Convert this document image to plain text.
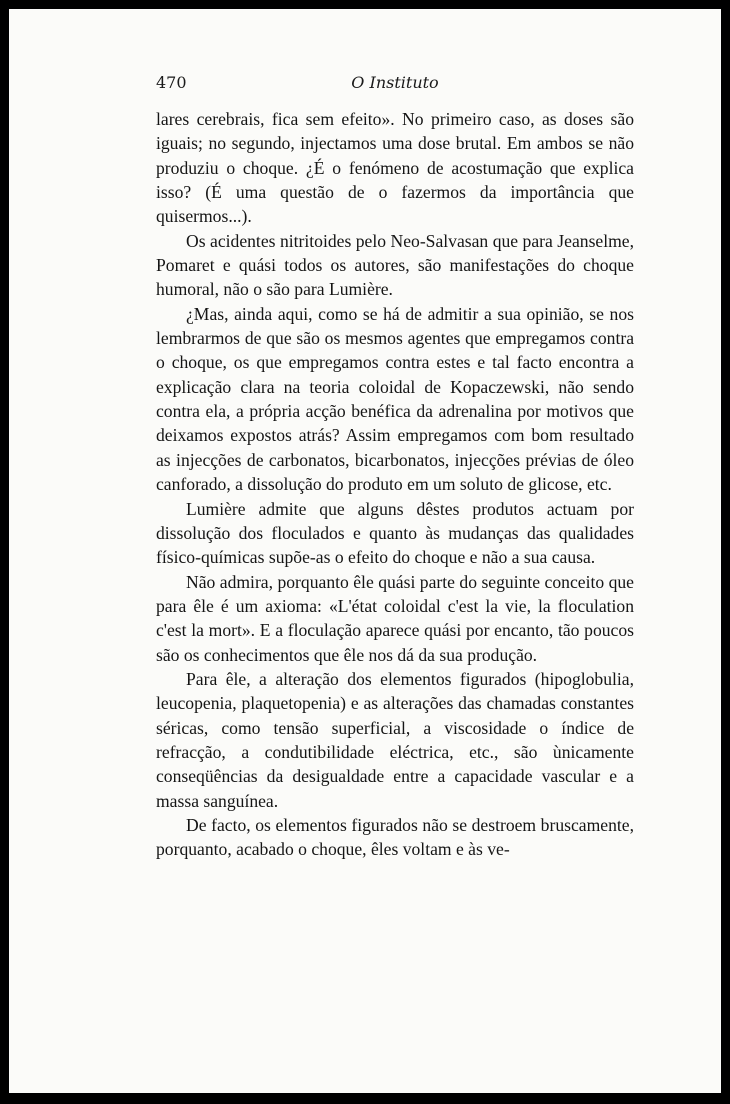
470	O Instituto

lares cerebrais, fica sem efeito». No primeiro caso, as doses são iguais; no segundo, injectamos uma dose brutal. Em ambos se não produziu o choque. ¿É o fenómeno de acostumação que explica isso? (É uma questão de o fazermos da importância que quisermos...).

Os acidentes nitritoides pelo Neo-Salvasan que para Jeanselme, Pomaret e quási todos os autores, são manifestações do choque humoral, não o são para Lumière.

¿Mas, ainda aqui, como se há de admitir a sua opinião, se nos lembrarmos de que são os mesmos agentes que empregamos contra o choque, os que empregamos contra estes e tal facto encontra a explicação clara na teoria coloidal de Kopaczewski, não sendo contra ela, a própria acção benéfica da adrenalina por motivos que deixamos expostos atrás? Assim empregamos com bom resultado as injecções de carbonatos, bicarbonatos, injecções prévias de óleo canforado, a dissolução do produto em um soluto de glicose, etc.

Lumière admite que alguns dêstes produtos actuam por dissolução dos floculados e quanto às mudanças das qualidades físico-químicas supõe-as o efeito do choque e não a sua causa.

Não admira, porquanto êle quási parte do seguinte conceito que para êle é um axioma: «L'état coloidal c'est la vie, la floculation c'est la mort». E a floculação aparece quási por encanto, tão poucos são os conhecimentos que êle nos dá da sua produção.

Para êle, a alteração dos elementos figurados (hipoglobulia, leucopenia, plaquetopenia) e as alterações das chamadas constantes séricas, como tensão superficial, a viscosidade o índice de refracção, a condutibilidade eléctrica, etc., são ùnicamente conseqüências da desigualdade entre a capacidade vascular e a massa sanguínea.

De facto, os elementos figurados não se destroem bruscamente, porquanto, acabado o choque, êles voltam e às ve-
